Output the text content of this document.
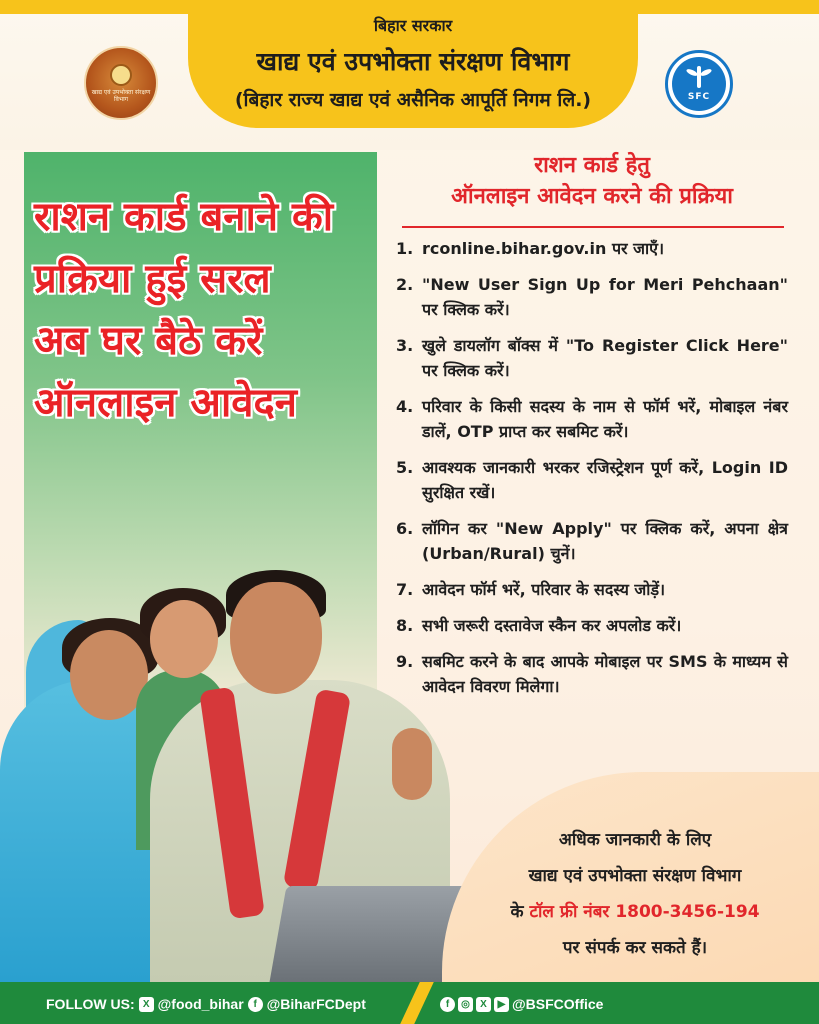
बिहार सरकार
खाद्य एवं उपभोक्ता संरक्षण विभाग
(बिहार राज्य खाद्य एवं असैनिक आपूर्ति निगम लि.)
खाद्य एवं उपभोक्ता संरक्षण विभाग	SFC
राशन कार्ड बनाने की
प्रक्रिया हुई सरल
अब घर बैठे करें
ऑनलाइन आवेदन
राशन कार्ड हेतु
ऑनलाइन आवेदन करने की प्रक्रिया
1. rconline.bihar.gov.in पर जाएँ।
2. "New User Sign Up for Meri Pehchaan" पर क्लिक करें।
3. खुले डायलॉग बॉक्स में "To Register Click Here" पर क्लिक करें।
4. परिवार के किसी सदस्य के नाम से फॉर्म भरें, मोबाइल नंबर डालें, OTP प्राप्त कर सबमिट करें।
5. आवश्यक जानकारी भरकर रजिस्ट्रेशन पूर्ण करें, Login ID सुरक्षित रखें।
6. लॉगिन कर "New Apply" पर क्लिक करें, अपना क्षेत्र (Urban/Rural) चुनें।
7. आवेदन फॉर्म भरें, परिवार के सदस्य जोड़ें।
8. सभी जरूरी दस्तावेज स्कैन कर अपलोड करें।
9. सबमिट करने के बाद आपके मोबाइल पर SMS के माध्यम से आवेदन विवरण मिलेगा।
अधिक जानकारी के लिए
खाद्य एवं उपभोक्ता संरक्षण विभाग
के टॉल फ्री नंबर 1800-3456-194
पर संपर्क कर सकते हैं।
FOLLOW US: X @food_bihar f @BiharFCDept	f	◎	X	▶ @BSFCOffice
